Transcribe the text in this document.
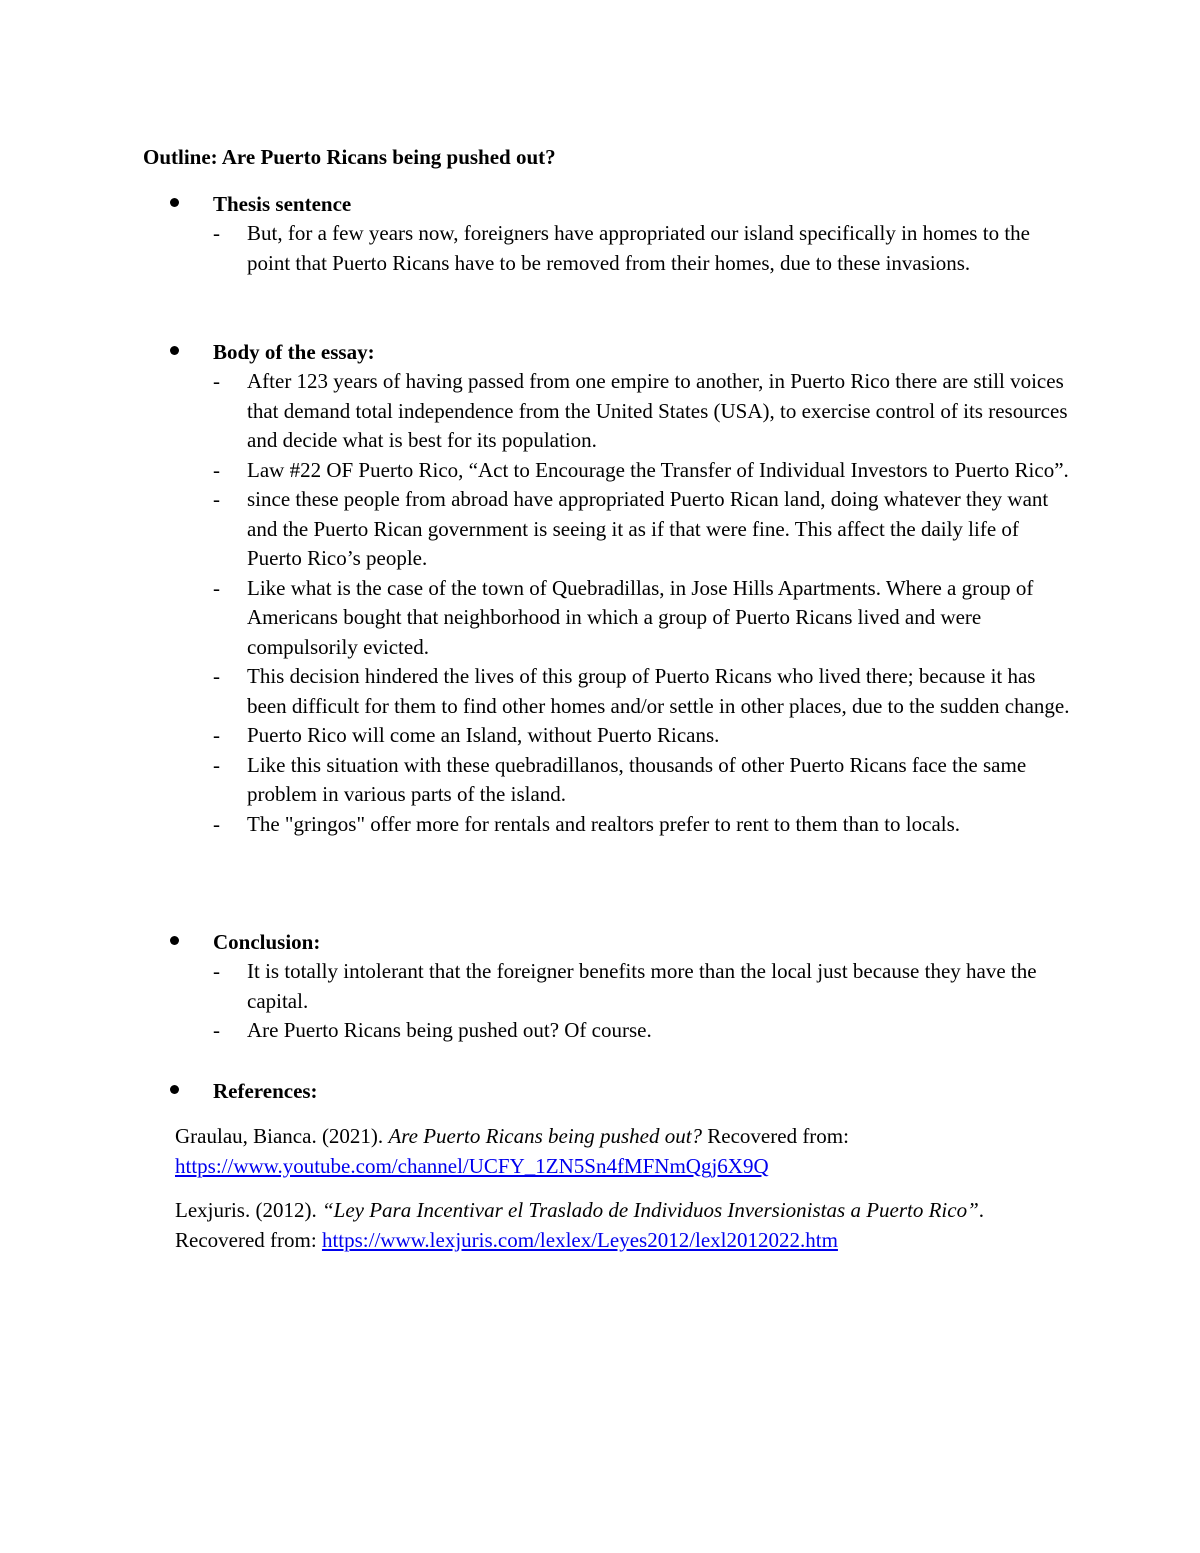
Outline: Are Puerto Ricans being pushed out?
Thesis sentence
- But, for a few years now, foreigners have appropriated our island specifically in homes to the point that Puerto Ricans have to be removed from their homes, due to these invasions.
Body of the essay:
- After 123 years of having passed from one empire to another, in Puerto Rico there are still voices that demand total independence from the United States (USA), to exercise control of its resources and decide what is best for its population.
- Law #22 OF Puerto Rico, “Act to Encourage the Transfer of Individual Investors to Puerto Rico”.
- since these people from abroad have appropriated Puerto Rican land, doing whatever they want and the Puerto Rican government is seeing it as if that were fine. This affect the daily life of Puerto Rico’s people.
- Like what is the case of the town of Quebradillas, in Jose Hills Apartments. Where a group of Americans bought that neighborhood in which a group of Puerto Ricans lived and were compulsorily evicted.
- This decision hindered the lives of this group of Puerto Ricans who lived there; because it has been difficult for them to find other homes and/or settle in other places, due to the sudden change.
- Puerto Rico will come an Island, without Puerto Ricans.
- Like this situation with these quebradillanos, thousands of other Puerto Ricans face the same problem in various parts of the island.
- The "gringos" offer more for rentals and realtors prefer to rent to them than to locals.
Conclusion:
- It is totally intolerant that the foreigner benefits more than the local just because they have the capital.
- Are Puerto Ricans being pushed out? Of course.
References:

Graulau, Bianca. (2021). Are Puerto Ricans being pushed out? Recovered from: https://www.youtube.com/channel/UCFY_1ZN5Sn4fMFNmQgj6X9Q

Lexjuris. (2012). “Ley Para Incentivar el Traslado de Individuos Inversionistas a Puerto Rico”. Recovered from: https://www.lexjuris.com/lexlex/Leyes2012/lexl2012022.htm
